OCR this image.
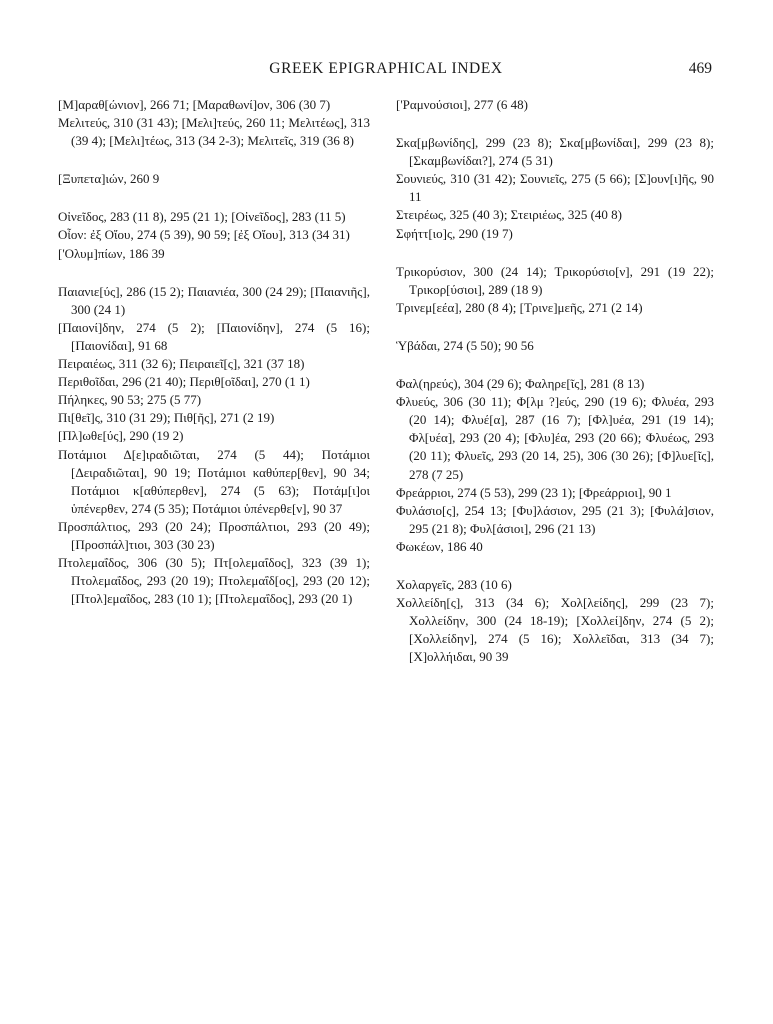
GREEK EPIGRAPHICAL INDEX	469

[Μ]αραθ[ώνιον], 266 71; [Μαραθωνί]ον, 306 (30 7)

Μελιτεύς, 310 (31 43); [Μελι]τεύς, 260 11; Μελιτέως], 313 (39 4); [Μελι]τέως, 313 (34 2-3); Μελιτεῖς, 319 (36 8)

[Ξυπετα]ιών, 260 9

Οἰνεῖδος, 283 (11 8), 295 (21 1); [Οἰνεῖδος], 283 (11 5)

Οἶον: ἐξ Οἴου, 274 (5 39), 90 59; [ἐξ Οἴου], 313 (34 31)

['Ολυμ]πίων, 186 39

Παιανιε[ύς], 286 (15 2); Παιανιέα, 300 (24 29); [Παιανιῆς], 300 (24 1)

[Παιονί]δην, 274 (5 2); [Παιονίδην], 274 (5 16); [Παιονίδαι], 91 68

Πειραιέως, 311 (32 6); Πειραιεῖ[ς], 321 (37 18)

Περιθοῖδαι, 296 (21 40); Περιθ[οῖδαι], 270 (1 1)

Πήληκες, 90 53; 275 (5 77)

Πι[θεῖ]ς, 310 (31 29); Πιθ[ῆς], 271 (2 19)

[Πλ]ωθε[ύς], 290 (19 2)

Ποτάμιοι Δ[ε]ιραδιῶται, 274 (5 44); Ποτάμιοι [Δειραδιῶται], 90 19; Ποτάμιοι καθύπερ[θεν], 90 34; Ποτάμιοι κ[αθύπερθεν], 274 (5 63); Ποτάμ[ι]οι ὑπένερθεν, 274 (5 35); Ποτάμιοι ὑπένερθε[ν], 90 37

Προσπάλτιος, 293 (20 24); Προσπάλτιοι, 293 (20 49); [Προσπάλ]τιοι, 303 (30 23)

Πτολεμαΐδος, 306 (30 5); Πτ[ολεμαΐδος], 323 (39 1); Πτολεμαΐδος, 293 (20 19); Πτολεμαΐδ[ος], 293 (20 12); [Πτολ]εμαΐδος, 283 (10 1); [Πτολεμαΐδος], 293 (20 1)

['Ραμνούσιοι], 277 (6 48)

Σκα[μβωνίδης], 299 (23 8); Σκα[μβωνίδαι], 299 (23 8); [Σκαμβωνίδαι?], 274 (5 31)

Σουνιεύς, 310 (31 42); Σουνιεῖς, 275 (5 66); [Σ]ουν[ι]ῆς, 90 11

Στειρέως, 325 (40 3); Στειριέως, 325 (40 8)

Σφήττ[ιο]ς, 290 (19 7)

Τρικορύσιον, 300 (24 14); Τρικορύσιο[ν], 291 (19 22); Τρικορ[ύσιοι], 289 (18 9)

Τρινεμ[εέα], 280 (8 4); [Τρινε]μεῆς, 271 (2 14)

Ὑβάδαι, 274 (5 50); 90 56

Φαλ(ηρεύς), 304 (29 6); Φαληρε[ῖς], 281 (8 13)

Φλυεύς, 306 (30 11); Φ[λμ ?]εύς, 290 (19 6); Φλυέα, 293 (20 14); Φλυέ[α], 287 (16 7); [Φλ]υέα, 291 (19 14); Φλ[υέα], 293 (20 4); [Φλυ]έα, 293 (20 66); Φλυέως, 293 (20 11); Φλυεῖς, 293 (20 14, 25), 306 (30 26); [Φ]λυε[ῖς], 278 (7 25)

Φρεάρριοι, 274 (5 53), 299 (23 1); [Φρεάρριοι], 90 1

Φυλάσιο[ς], 254 13; [Φυ]λάσιον, 295 (21 3); [Φυλά]σιον, 295 (21 8); Φυλ[άσιοι], 296 (21 13)

Φωκέων, 186 40

Χολαργεῖς, 283 (10 6)

Χολλείδη[ς], 313 (34 6); Χολ[λείδης], 299 (23 7); Χολλείδην, 300 (24 18-19); [Χολλεί]δην, 274 (5 2); [Χολλείδην], 274 (5 16); Χολλεῖδαι, 313 (34 7); [Χ]ολλήιδαι, 90 39
